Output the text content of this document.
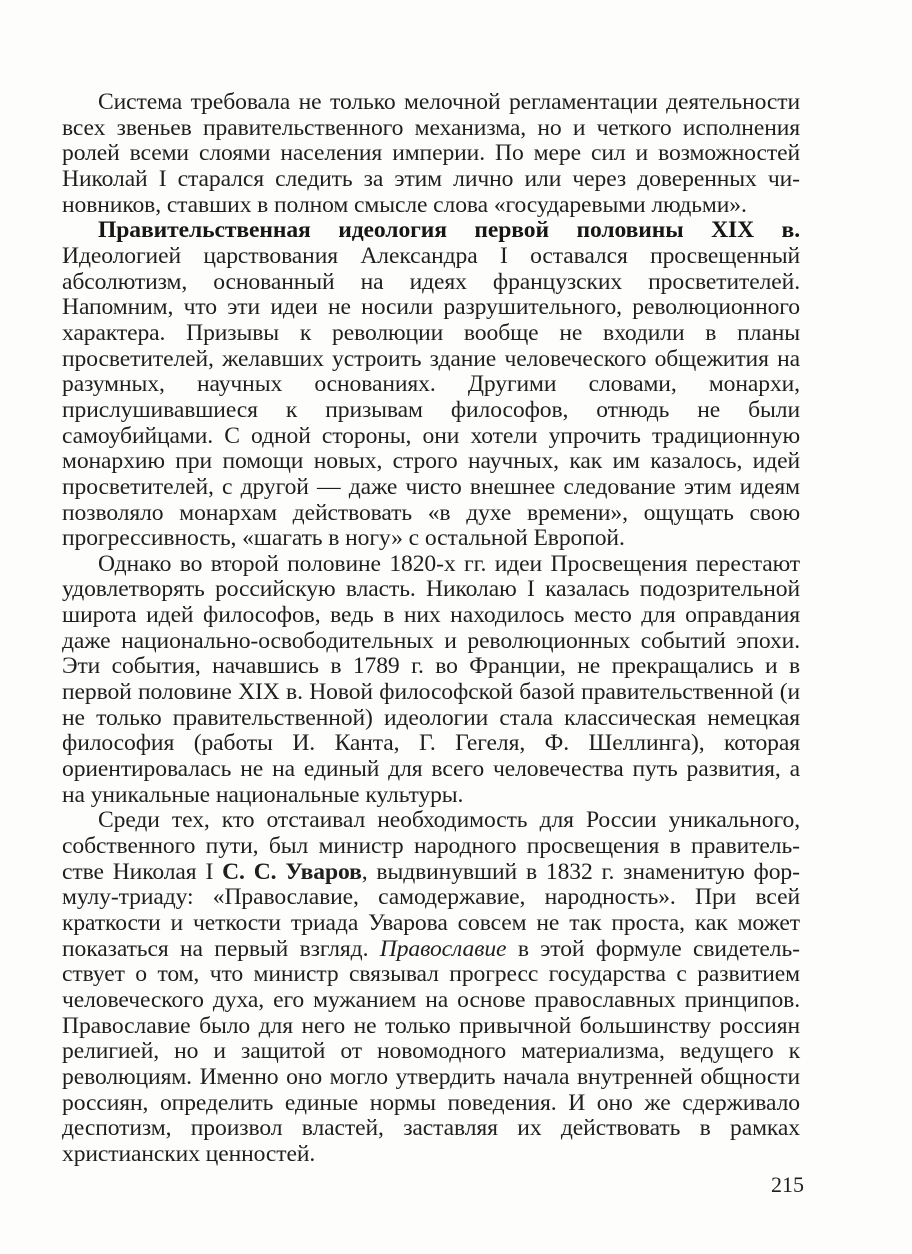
Система требовала не только мелочной регламентации деятельности всех звеньев правительственного механизма, но и четкого исполнения ролей всеми слоями населения империи. По мере сил и возможностей Николай I старался следить за этим лично или через доверенных чиновников, ставших в полном смысле слова «государевыми людьми».

Правительственная идеология первой половины XIX в. Идеологией царствования Александра I оставался просвещенный абсолютизм, основанный на идеях французских просветителей. Напомним, что эти идеи не носили разрушительного, революционного характера. Призывы к революции вообще не входили в планы просветителей, желавших устроить здание человеческого общежития на разумных, научных основаниях. Другими словами, монархи, прислушивавшиеся к призывам философов, отнюдь не были самоубийцами. С одной стороны, они хотели упрочить традиционную монархию при помощи новых, строго научных, как им казалось, идей просветителей, с другой — даже чисто внешнее следование этим идеям позволяло монархам действовать «в духе времени», ощущать свою прогрессивность, «шагать в ногу» с остальной Европой.

Однако во второй половине 1820-х гг. идеи Просвещения перестают удовлетворять российскую власть. Николаю I казалась подозрительной широта идей философов, ведь в них находилось место для оправдания даже национально-освободительных и революционных событий эпохи. Эти события, начавшись в 1789 г. во Франции, не прекращались и в первой половине XIX в. Новой философской базой правительственной (и не только правительственной) идеологии стала классическая немецкая философия (работы И. Канта, Г. Гегеля, Ф. Шеллинга), которая ориентировалась не на единый для всего человечества путь развития, а на уникальные национальные культуры.

Среди тех, кто отстаивал необходимость для России уникального, собственного пути, был министр народного просвещения в правительстве Николая I С. С. Уваров, выдвинувший в 1832 г. знаменитую формулу-триаду: «Православие, самодержавие, народность». При всей краткости и четкости триада Уварова совсем не так проста, как может показаться на первый взгляд. Православие в этой формуле свидетельствует о том, что министр связывал прогресс государства с развитием человеческого духа, его мужанием на основе православных принципов. Православие было для него не только привычной большинству россиян религией, но и защитой от новомодного материализма, ведущего к революциям. Именно оно могло утвердить начала внутренней общности россиян, определить единые нормы поведения. И оно же сдерживало деспотизм, произвол властей, заставляя их действовать в рамках христианских ценностей.

215
